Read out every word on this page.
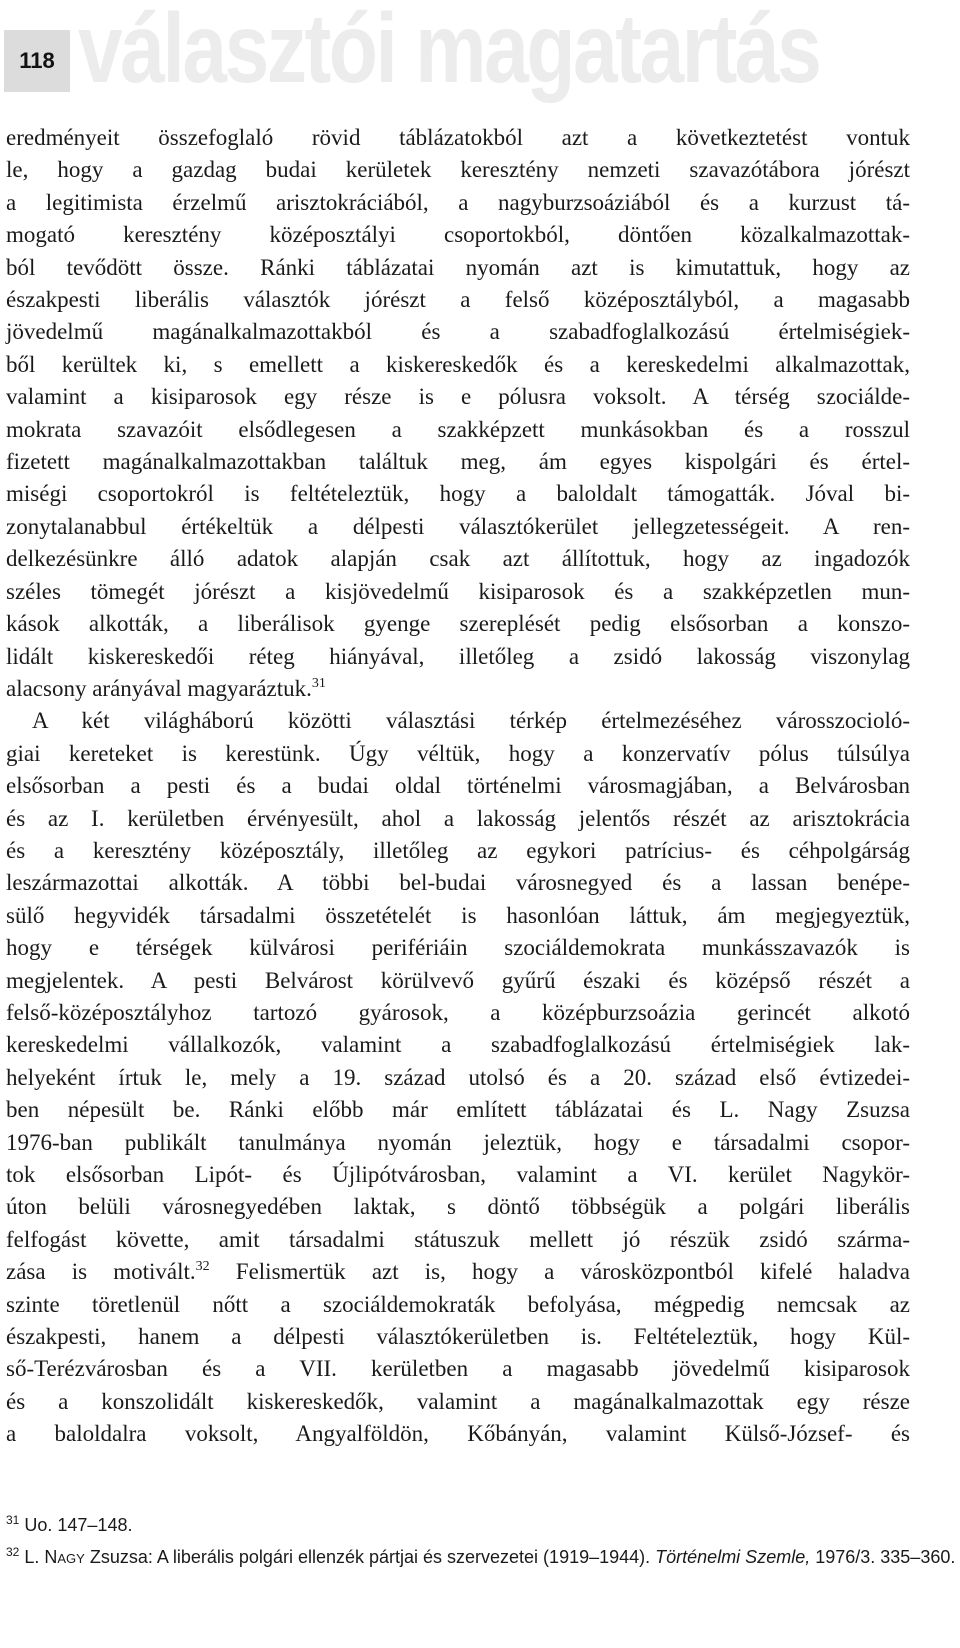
118 választói magatartás
eredményeit összefoglaló rövid táblázatokból azt a következtetést vontuk
le, hogy a gazdag budai kerületek keresztény nemzeti szavazótábora jórészt
a legitimista érzelmű arisztokráciából, a nagyburzsoáziából és a kurzust tá-
mogató keresztény középosztályi csoportokból, döntően közalkalmazottak-
ból tevődött össze. Ránki táblázatai nyomán azt is kimutattuk, hogy az
északpesti liberális választók jórészt a felső középosztályból, a magasabb
jövedelmű magánalkalmazottakból és a szabadfoglalkozású értelmiségiek-
ből kerültek ki, s emellett a kiskereskedők és a kereskedelmi alkalmazottak,
valamint a kisiparosok egy része is e pólusra voksolt. A térség szociálde-
mokrata szavazóit elsődlegesen a szakképzett munkásokban és a rosszul
fizetett magánalkalmazottakban találtuk meg, ám egyes kispolgári és értel-
miségi csoportokról is feltételeztük, hogy a baloldalt támogatták. Jóval bi-
zonytalanabbul értékeltük a délpesti választókerület jellegzetességeit. A ren-
delkezésünkre álló adatok alapján csak azt állítottuk, hogy az ingadozók
széles tömegét jórészt a kisjövedelmű kisiparosok és a szakképzetlen mun-
kások alkották, a liberálisok gyenge szereplését pedig elsősorban a konszo-
lidált kiskereskedői réteg hiányával, illetőleg a zsidó lakosság viszonylag
alacsony arányával magyaráztuk.$^{31}$
A két világháború közötti választási térkép értelmezéséhez városszocioló-
giai kereteket is kerestünk. Úgy véltük, hogy a konzervatív pólus túlsúlya
elsősorban a pesti és a budai oldal történelmi városmagjában, a Belvárosban
és az I. kerületben érvényesült, ahol a lakosság jelentős részét az arisztokrácia
és a keresztény középosztály, illetőleg az egykori patrícius- és céhpolgárság
leszármazottai alkották. A többi bel-budai városnegyed és a lassan benépe-
sülő hegyvidék társadalmi összetételét is hasonlóan láttuk, ám megjegyeztük,
hogy e térségek külvárosi perifériáin szociáldemokrata munkásszavazók is
megjelentek. A pesti Belvárost körülvevő gyűrű északi és középső részét a
felső-középosztályhoz tartozó gyárosok, a középburzsoázia gerincét alkotó
kereskedelmi vállalkozók, valamint a szabadfoglalkozású értelmiségiek lak-
helyeként írtuk le, mely a 19. század utolsó és a 20. század első évtizedei-
ben népesült be. Ránki előbb már említett táblázatai és L. Nagy Zsuzsa
1976-ban publikált tanulmánya nyomán jeleztük, hogy e társadalmi csopor-
tok elsősorban Lipót- és Újlipótvárosban, valamint a VI. kerület Nagykör-
úton belüli városnegyedében laktak, s döntő többségük a polgári liberális
felfogást követte, amit társadalmi státuszuk mellett jó részük zsidó szárma-
zása is motivált.$^{32}$ Felismertük azt is, hogy a városközpontból kifelé haladva
szinte töretlenül nőtt a szociáldemokraták befolyása, mégpedig nemcsak az
északpesti, hanem a délpesti választókerületben is. Feltételeztük, hogy Kül-
ső-Terézvárosban és a VII. kerületben a magasabb jövedelmű kisiparosok
és a konszolidált kiskereskedők, valamint a magánalkalmazottak egy része
a baloldalra voksolt, Angyalföldön, Kőbányán, valamint Külső-József- és
$^{31}$ Uo. 147–148.
$^{32}$ L. Nagy Zsuzsa: A liberális polgári ellenzék pártjai és szervezetei (1919–1944). Történelmi Szemle, 1976/3. 335–360.
